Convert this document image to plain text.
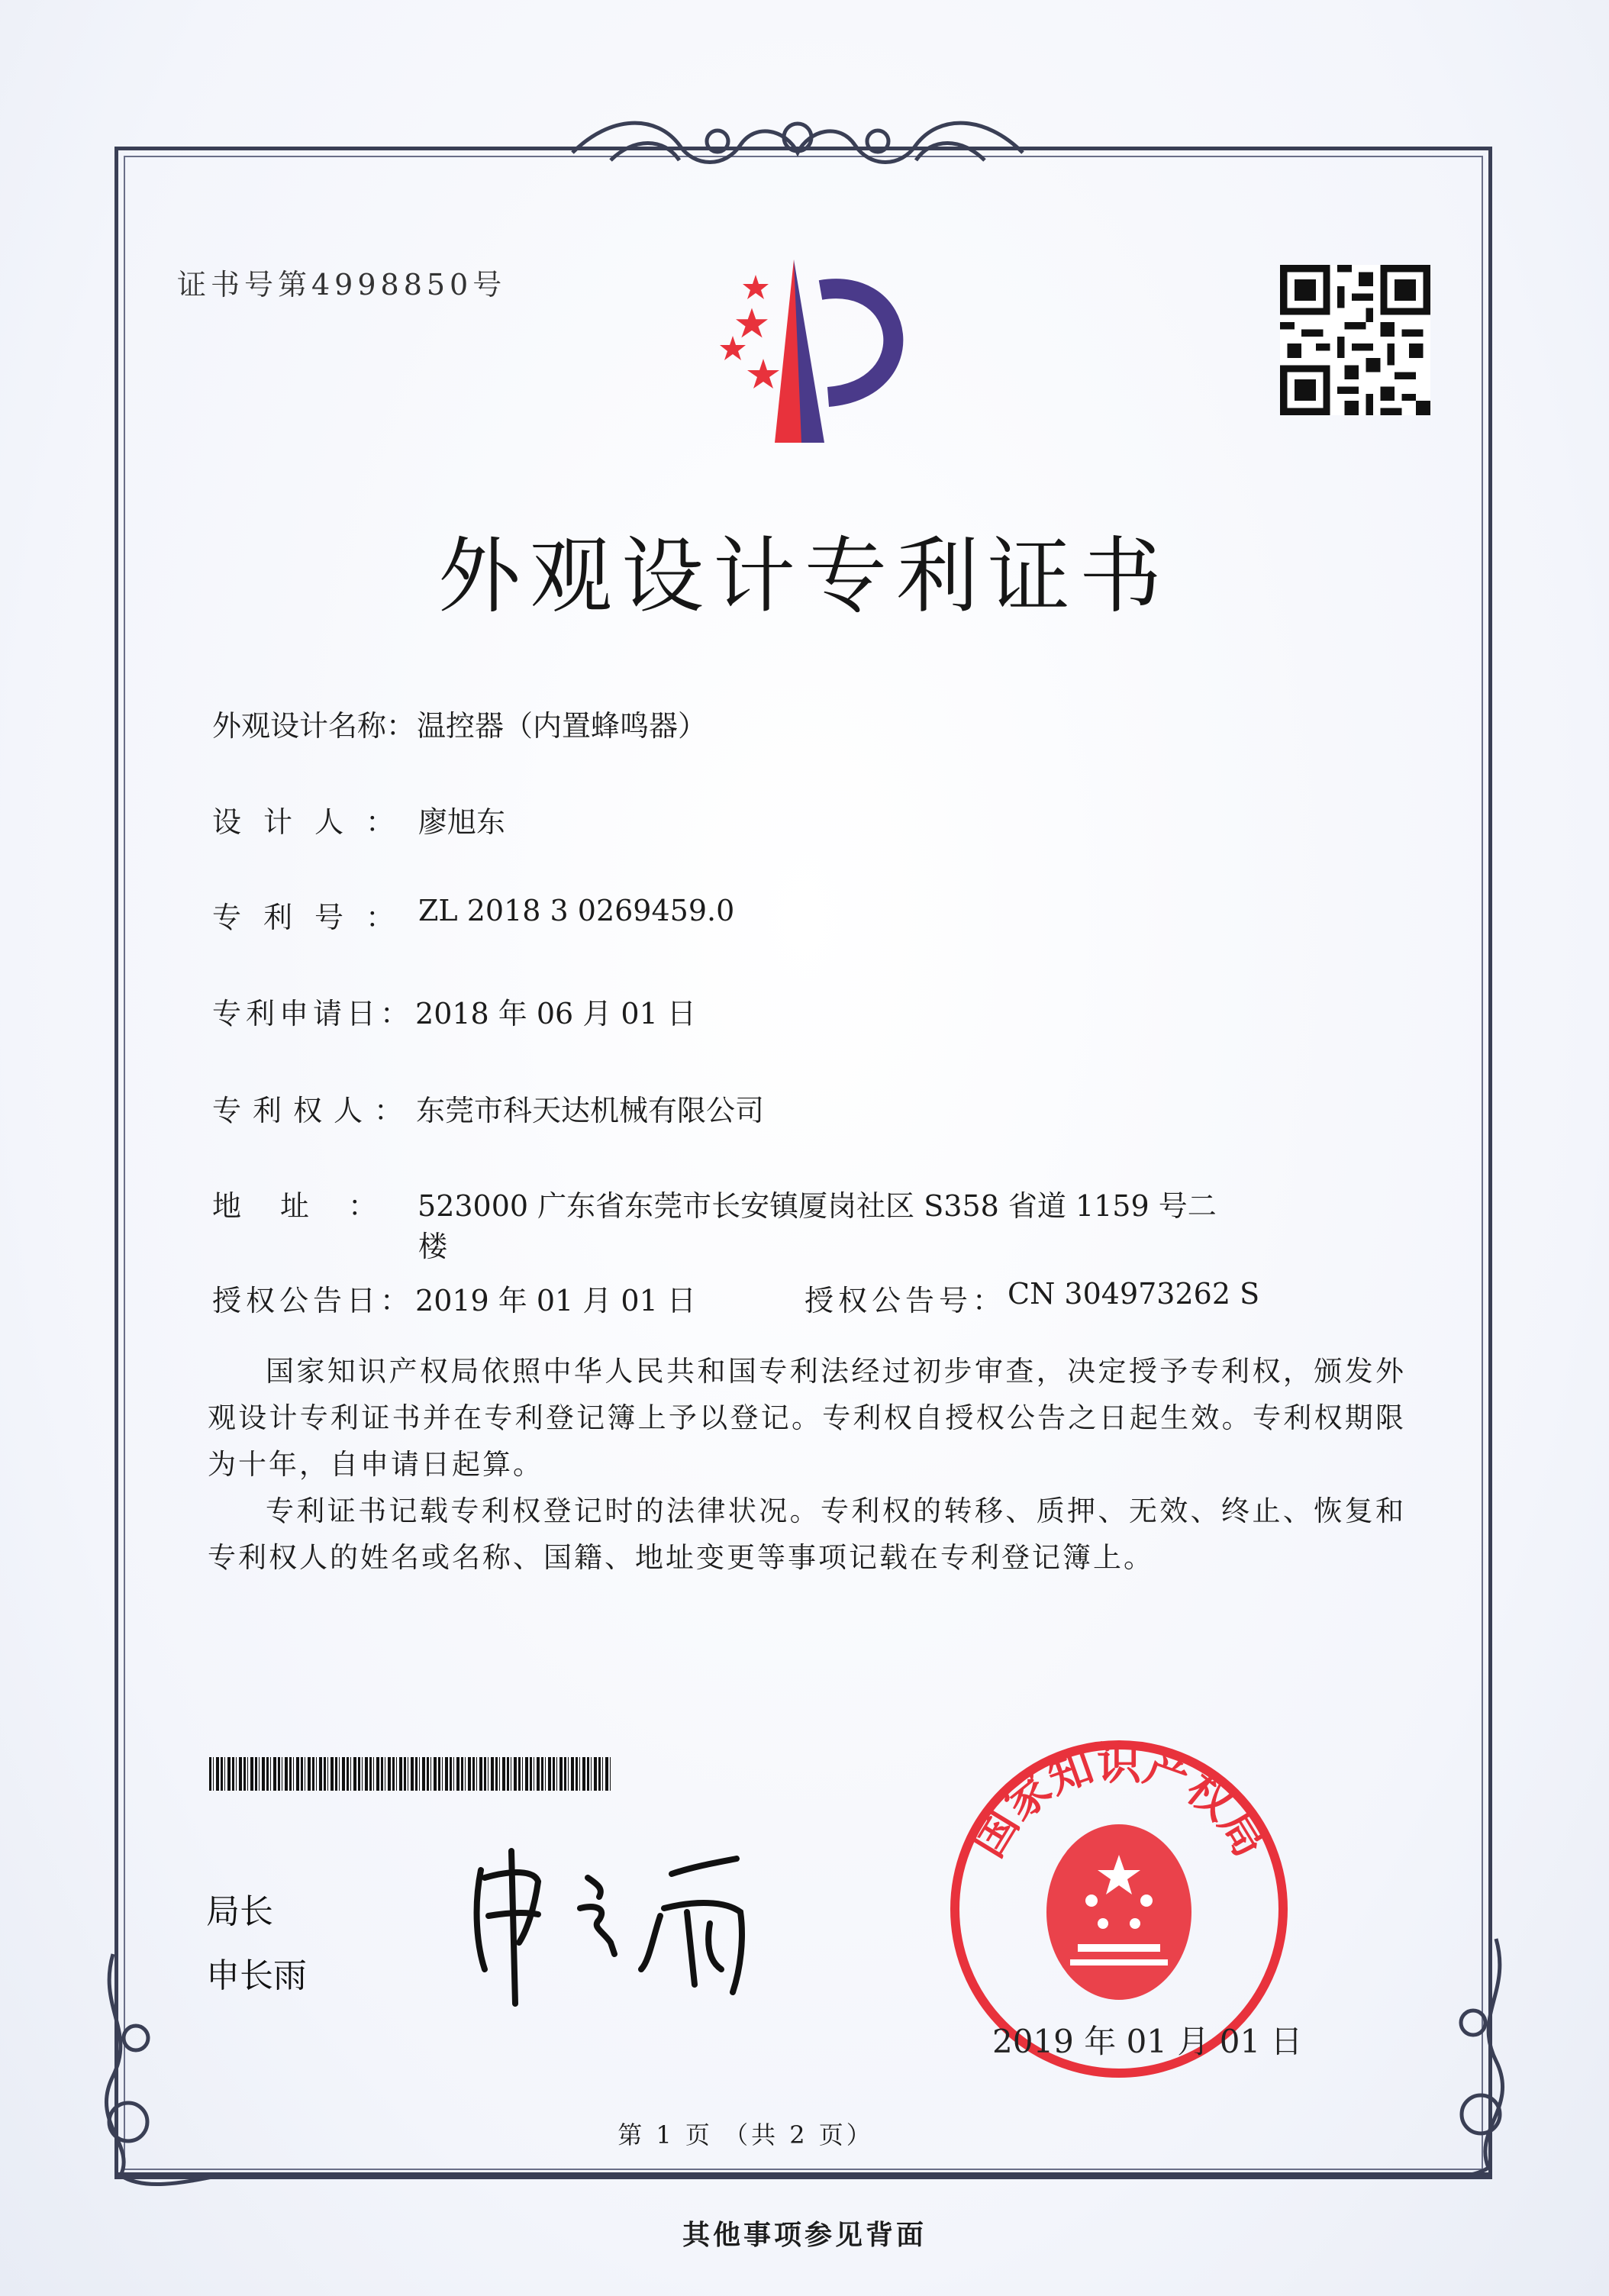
证书号第4998850号
外观设计专利证书
外观设计名称： 温控器（内置蜂鸣器）
设计人： 廖旭东
专利号： ZL 2018 3 0269459.0
专利申请日： 2018 年 06 月 01 日
专利权人： 东莞市科天达机械有限公司
地址： 523000 广东省东莞市长安镇厦岗社区 S358 省道 1159 号二
楼
授权公告日： 2019 年 01 月 01 日	授权公告号： CN 304973262 S

国家知识产权局依照中华人民共和国专利法经过初步审查，决定授予专利权，颁发外观设计专利证书并在专利登记簿上予以登记。专利权自授权公告之日起生效。专利权期限为十年，自申请日起算。

专利证书记载专利权登记时的法律状况。专利权的转移、质押、无效、终止、恢复和专利权人的姓名或名称、国籍、地址变更等事项记载在专利登记簿上。

局长
申长雨
国家知识产权局
2019 年 01 月 01 日
第 1 页 （共 2 页）
其他事项参见背面
